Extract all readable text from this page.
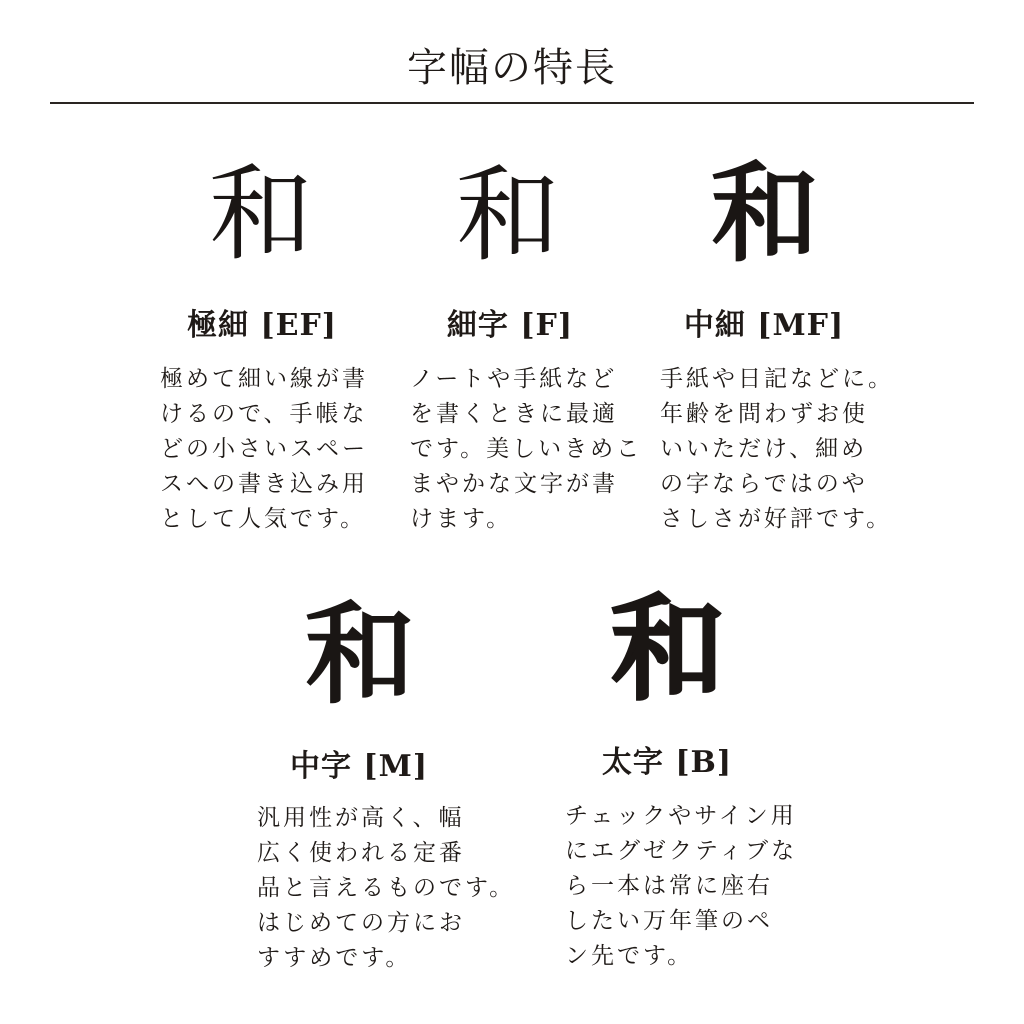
字幅の特長
和
極細 [EF]
極めて細い線が書
けるので、手帳な
どの小さいスペー
スへの書き込み用
として人気です。
和
細字 [F]
ノートや手紙など
を書くときに最適
です。美しいきめこ
まやかな文字が書
けます。
和
中細 [MF]
手紙や日記などに。
年齢を問わずお使
いいただけ、細め
の字ならではのや
さしさが好評です。
和
中字 [M]
汎用性が高く、幅
広く使われる定番
品と言えるものです。
はじめての方にお
すすめです。
和
太字 [B]
チェックやサイン用
にエグゼクティブな
ら一本は常に座右
したい万年筆のペ
ン先です。
